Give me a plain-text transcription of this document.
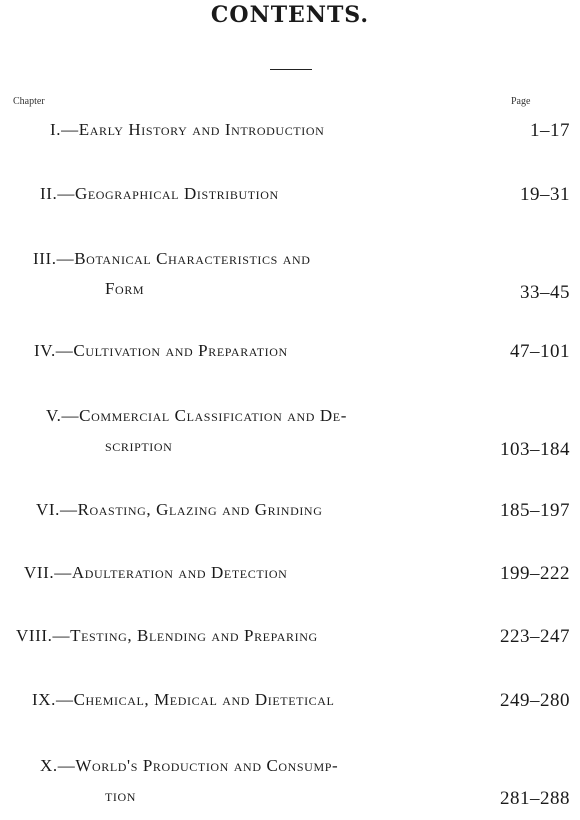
CONTENTS.
Chapter	Page
I.—Early History and Introduction	1–17
II.—Geographical Distribution	19–31
III.—Botanical Characteristics and
Form	33–45
IV.—Cultivation and Preparation	47–101
V.—Commercial Classification and De-
scription	103–184
VI.—Roasting, Glazing and Grinding	185–197
VII.—Adulteration and Detection	199–222
VIII.—Testing, Blending and Preparing	223–247
IX.—Chemical, Medical and Dietetical	249–280
X.—World's Production and Consump-
tion	281–288
